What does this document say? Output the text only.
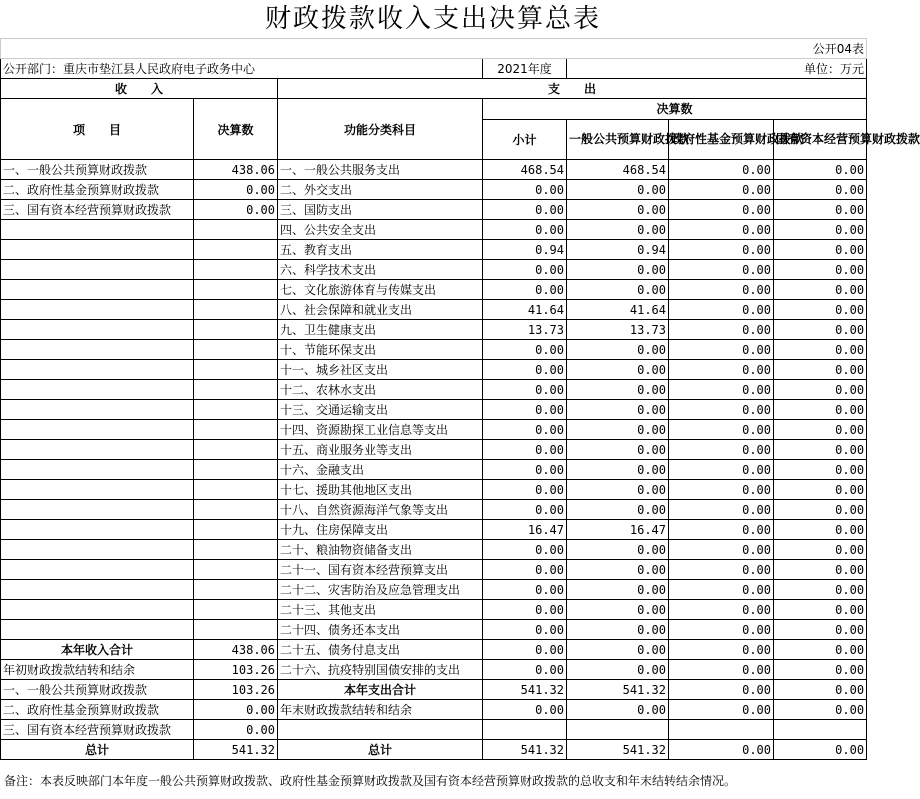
财政拨款收入支出决算总表
公开04表						
公开部门：重庆市垫江县人民政府电子政务中心			2021年度	单位：万元		
收　　入		支　　出				
项　　目	决算数	功能分类科目	决算数			
			小计	一般公共预算财政拨款	政府性基金预算财政拨款	国有资本经营预算财政拨款
一、一般公共预算财政拨款	438.06	一、一般公共服务支出	468.54	468.54	0.00	0.00
二、政府性基金预算财政拨款	0.00	二、外交支出	0.00	0.00	0.00	0.00
三、国有资本经营预算财政拨款	0.00	三、国防支出	0.00	0.00	0.00	0.00
		四、公共安全支出	0.00	0.00	0.00	0.00
		五、教育支出	0.94	0.94	0.00	0.00
		六、科学技术支出	0.00	0.00	0.00	0.00
		七、文化旅游体育与传媒支出	0.00	0.00	0.00	0.00
		八、社会保障和就业支出	41.64	41.64	0.00	0.00
		九、卫生健康支出	13.73	13.73	0.00	0.00
		十、节能环保支出	0.00	0.00	0.00	0.00
		十一、城乡社区支出	0.00	0.00	0.00	0.00
		十二、农林水支出	0.00	0.00	0.00	0.00
		十三、交通运输支出	0.00	0.00	0.00	0.00
		十四、资源勘探工业信息等支出	0.00	0.00	0.00	0.00
		十五、商业服务业等支出	0.00	0.00	0.00	0.00
		十六、金融支出	0.00	0.00	0.00	0.00
		十七、援助其他地区支出	0.00	0.00	0.00	0.00
		十八、自然资源海洋气象等支出	0.00	0.00	0.00	0.00
		十九、住房保障支出	16.47	16.47	0.00	0.00
		二十、粮油物资储备支出	0.00	0.00	0.00	0.00
		二十一、国有资本经营预算支出	0.00	0.00	0.00	0.00
		二十二、灾害防治及应急管理支出	0.00	0.00	0.00	0.00
		二十三、其他支出	0.00	0.00	0.00	0.00
		二十四、债务还本支出	0.00	0.00	0.00	0.00
本年收入合计	438.06	二十五、债务付息支出	0.00	0.00	0.00	0.00
年初财政拨款结转和结余	103.26	二十六、抗疫特别国债安排的支出	0.00	0.00	0.00	0.00
一、一般公共预算财政拨款	103.26	本年支出合计	541.32	541.32	0.00	0.00
二、政府性基金预算财政拨款	0.00	年末财政拨款结转和结余	0.00	0.00	0.00	0.00
三、国有资本经营预算财政拨款	0.00					
总计	541.32	总计	541.32	541.32	0.00	0.00
备注：本表反映部门本年度一般公共预算财政拨款、政府性基金预算财政拨款及国有资本经营预算财政拨款的总收支和年末结转结余情况。
